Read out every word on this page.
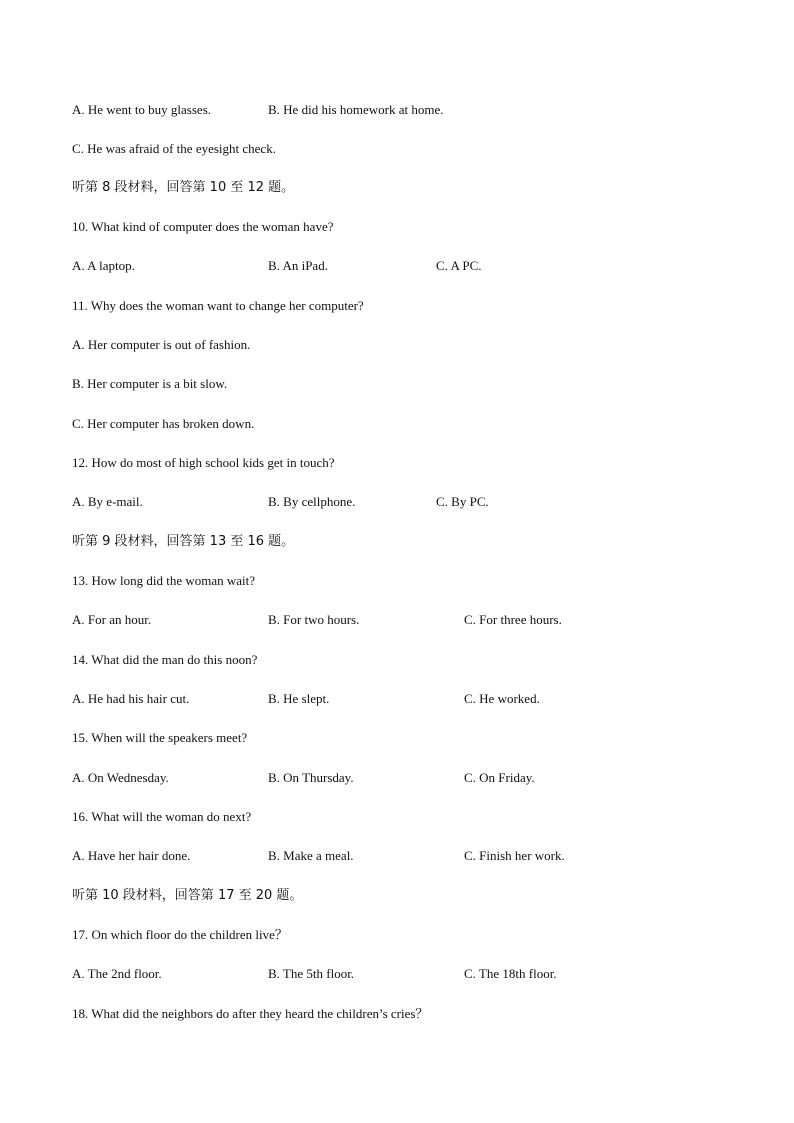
A. He went to buy glasses.	B. He did his homework at home.
C. He was afraid of the eyesight check.
听第 8 段材料，回答第 10 至 12 题。
10. What kind of computer does the woman have?
A. A laptop.	B. An iPad.	C. A PC.
11. Why does the woman want to change her computer?
A. Her computer is out of fashion.
B. Her computer is a bit slow.
C. Her computer has broken down.
12. How do most of high school kids get in touch?
A. By e-mail.	B. By cellphone.	C. By PC.
听第 9 段材料，回答第 13 至 16 题。
13. How long did the woman wait?
A. For an hour.	B. For two hours.	C. For three hours.
14. What did the man do this noon?
A. He had his hair cut.	B. He slept.	C. He worked.
15. When will the speakers meet?
A. On Wednesday.	B. On Thursday.	C. On Friday.
16. What will the woman do next?
A. Have her hair done.	B. Make a meal.	C. Finish her work.
听第 10 段材料，回答第 17 至 20 题。
17. On which floor do the children live？
A. The 2nd floor.	B. The 5th floor.	C. The 18th floor.
18. What did the neighbors do after they heard the children’s cries？
